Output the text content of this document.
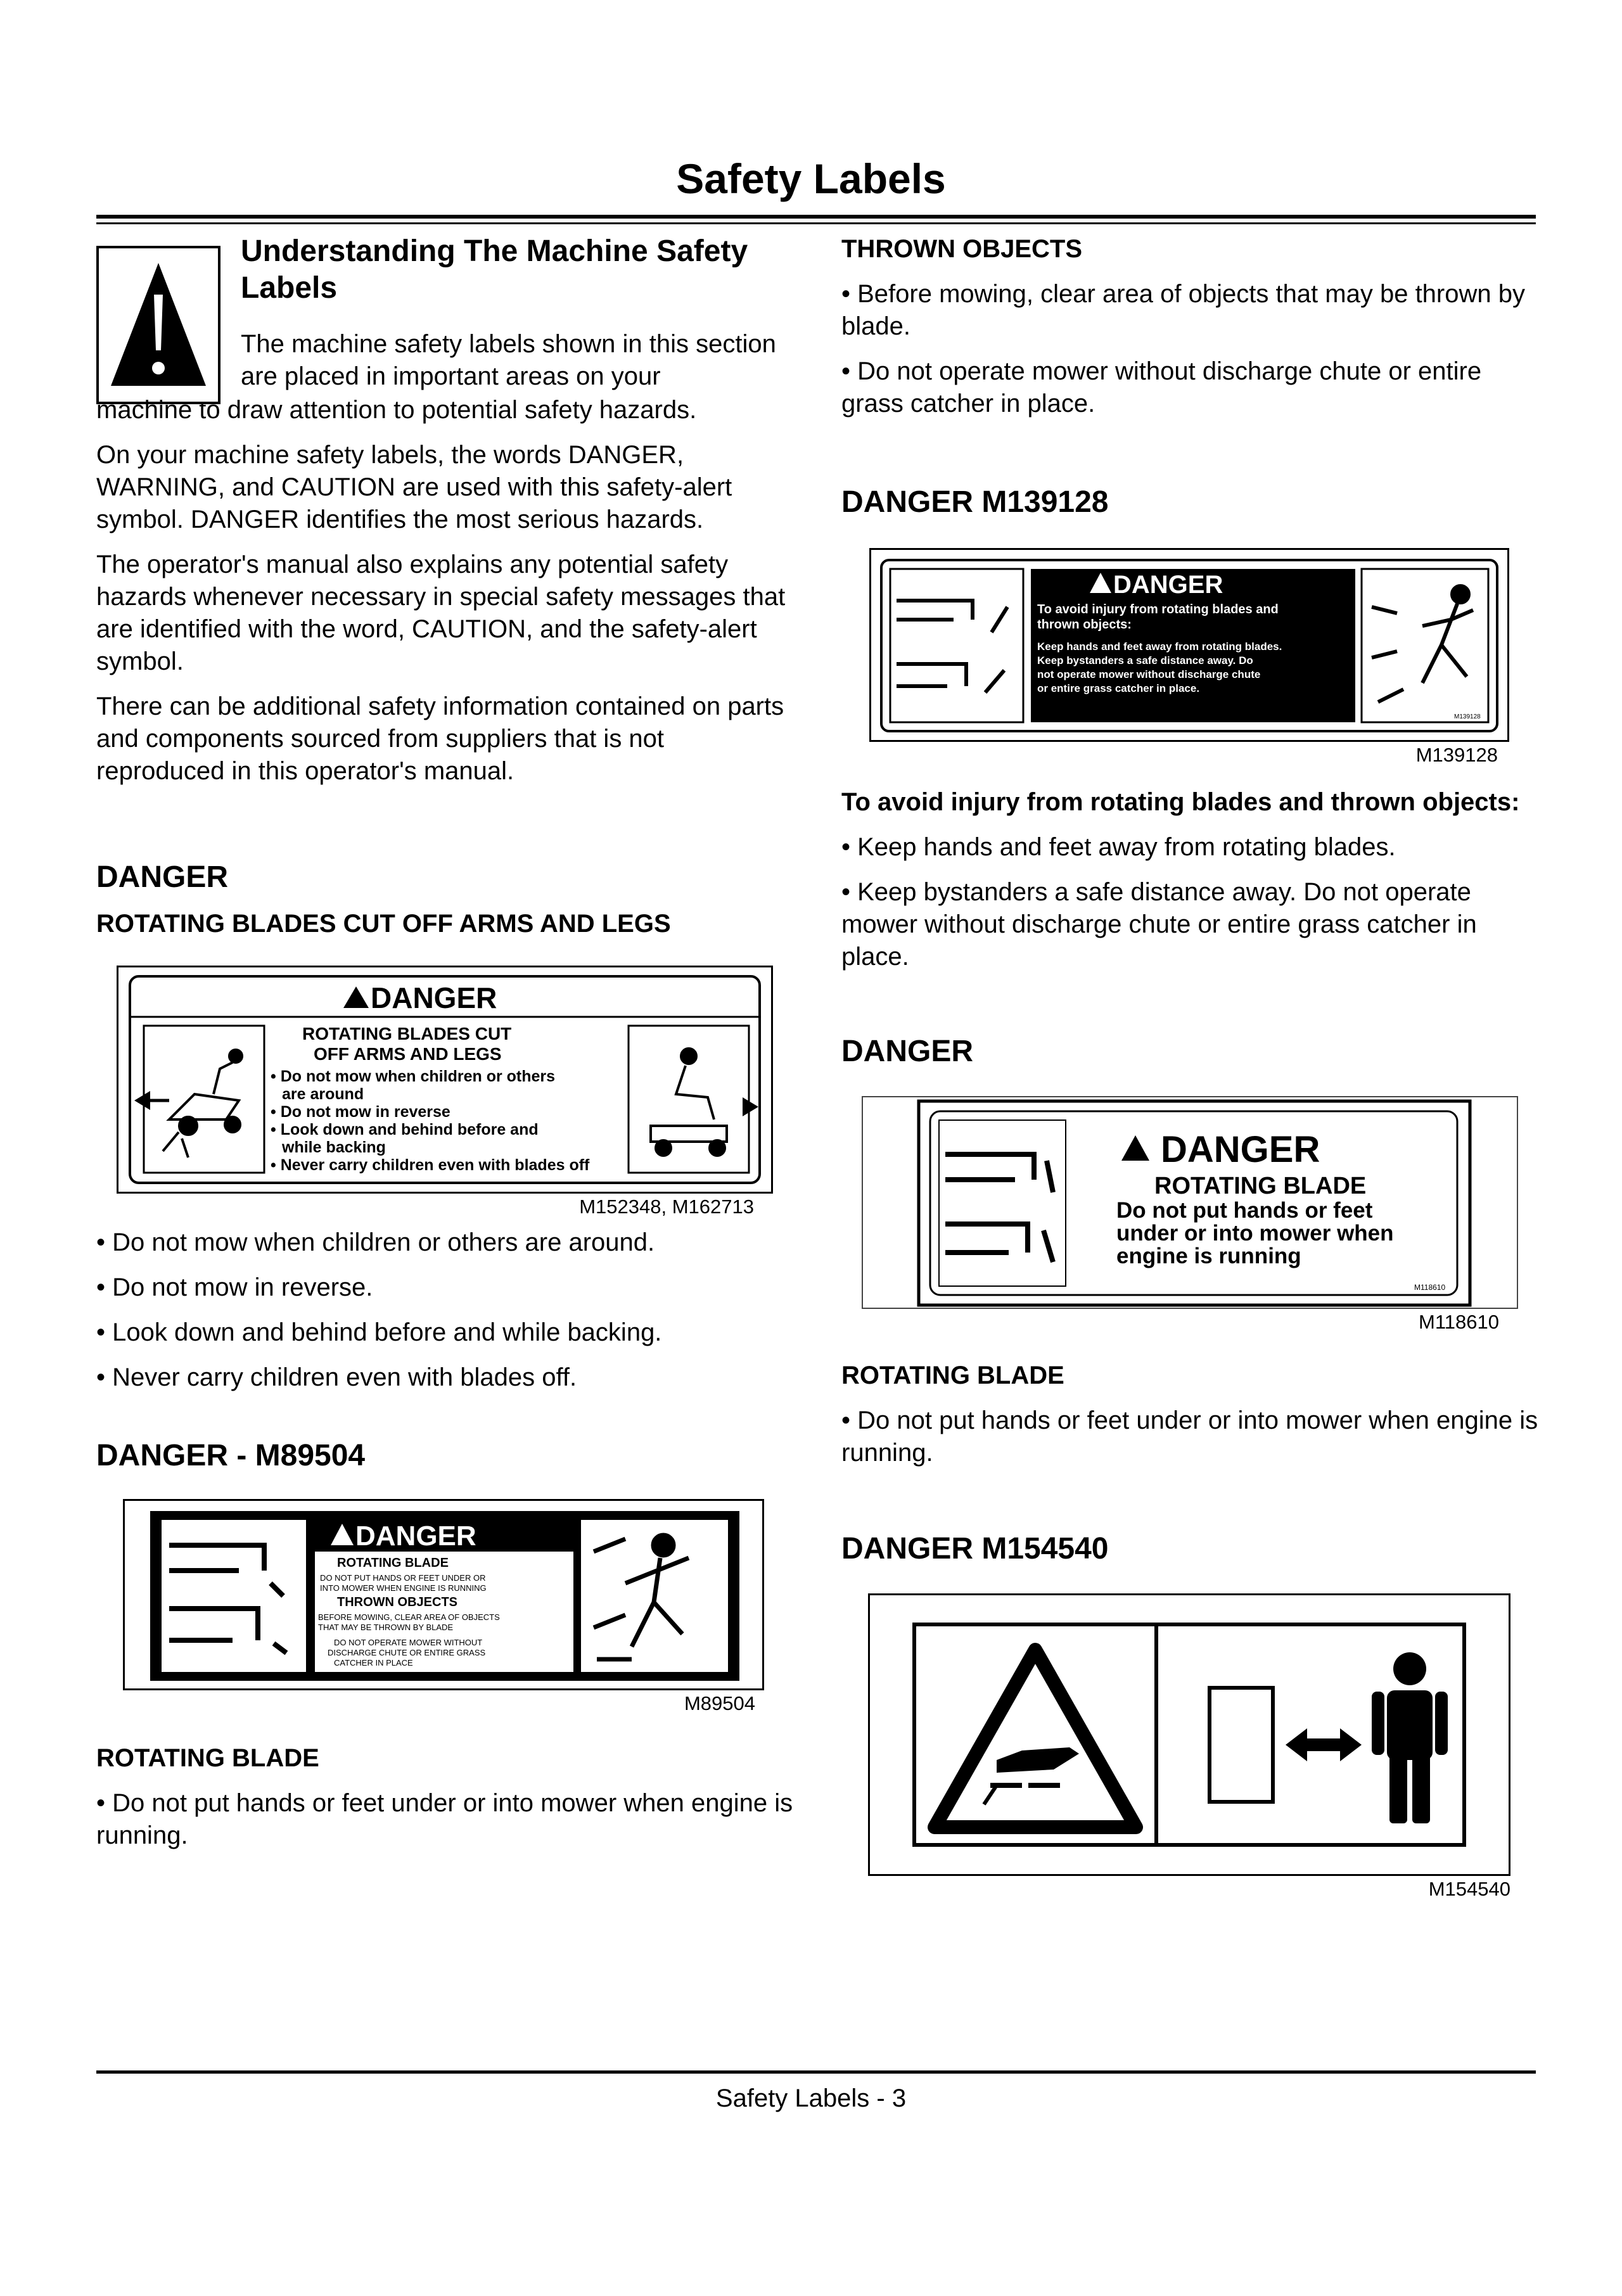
Safety Labels
Understanding The Machine Safety Labels
The machine safety labels shown in this section are placed in important areas on your

machine to draw attention to potential safety hazards.

On your machine safety labels, the words DANGER, WARNING, and CAUTION are used with this safety-alert symbol. DANGER identifies the most serious hazards.

The operator's manual also explains any potential safety hazards whenever necessary in special safety messages that are identified with the word, CAUTION, and the safety-alert symbol.

There can be additional safety information contained on parts and components sourced from suppliers that is not reproduced in this operator's manual.

DANGER
ROTATING BLADES CUT OFF ARMS AND LEGS
DANGER
ROTATING BLADES CUT
OFF ARMS AND LEGS
• Do not mow when children or others
are around
• Do not mow in reverse
• Look down and behind before and
while backing
• Never carry children even with blades off
M152348, M162713
• Do not mow when children or others are around.
• Do not mow in reverse.
• Look down and behind before and while backing.
• Never carry children even with blades off.
DANGER - M89504
DANGER
ROTATING BLADE
DO NOT PUT HANDS OR FEET UNDER OR
INTO MOWER WHEN ENGINE IS RUNNING
THROWN OBJECTS
BEFORE MOWING, CLEAR AREA OF OBJECTS
THAT MAY BE THROWN BY BLADE
DO NOT OPERATE MOWER WITHOUT
DISCHARGE CHUTE OR ENTIRE GRASS
CATCHER IN PLACE
M89504
ROTATING BLADE
• Do not put hands or feet under or into mower when engine is running.
THROWN OBJECTS
• Before mowing, clear area of objects that may be thrown by blade.
• Do not operate mower without discharge chute or entire grass catcher in place.
DANGER M139128
DANGER
To avoid injury from rotating blades and
thrown objects:
Keep hands and feet away from rotating blades.
Keep bystanders a safe distance away. Do
not operate mower without discharge chute
or entire grass catcher in place.
M139128
M139128
To avoid injury from rotating blades and thrown objects:
• Keep hands and feet away from rotating blades.
• Keep bystanders a safe distance away. Do not operate mower without discharge chute or entire grass catcher in place.
DANGER
DANGER
ROTATING BLADE
Do not put hands or feet
under or into mower when
engine is running
M118610
M118610
ROTATING BLADE
• Do not put hands or feet under or into mower when engine is running.
DANGER M154540
M154540
Safety Labels - 3
